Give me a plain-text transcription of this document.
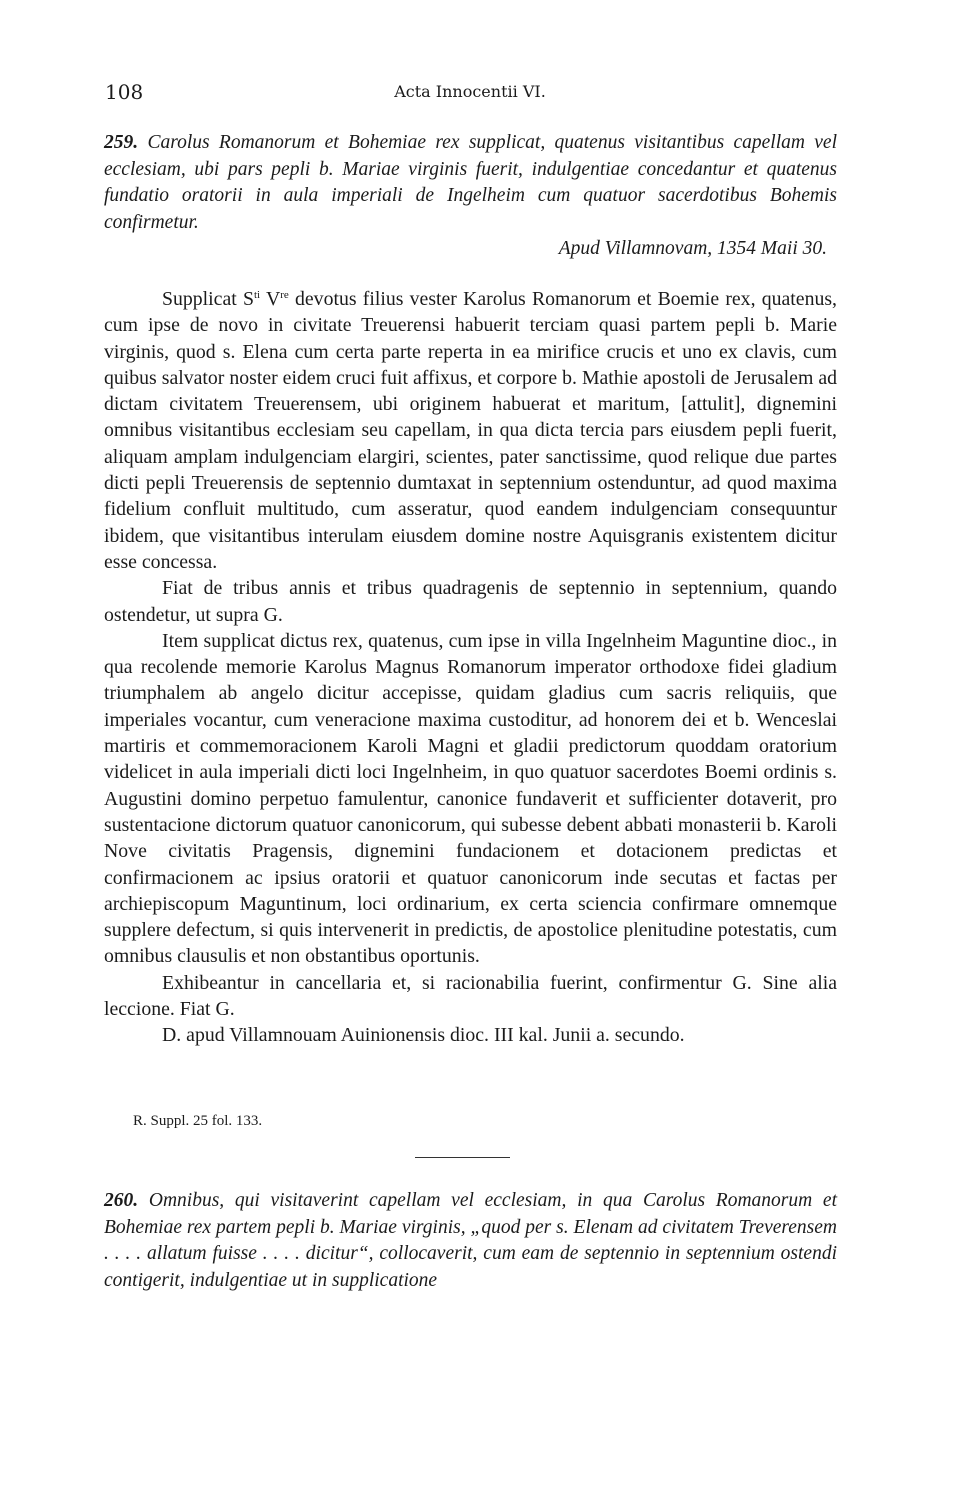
108	Acta Innocentii VI.
259. Carolus Romanorum et Bohemiae rex supplicat, quatenus visitantibus capellam vel ecclesiam, ubi pars pepli b. Mariae virginis fuerit, indulgentiae concedantur et quatenus fundatio oratorii in aula imperiali de Ingelheim cum quatuor sacerdotibus Bohemis confirmetur.
Apud Villamnovam, 1354 Maii 30.

Supplicat $S^{ti}$ Vre devotus filius vester Karolus Romanorum et Boemie rex, quatenus, cum ipse de novo in civitate Treuerensi habuerit terciam quasi partem pepli b. Marie virginis, quod s. Elena cum certa parte reperta in ea mirifice crucis et uno ex clavis, cum quibus salvator noster eidem cruci fuit affixus, et corpore b. Mathie apostoli de Jerusalem ad dictam civitatem Treuerensem, ubi originem habuerat et maritum, [attulit], dignemini omnibus visitantibus ecclesiam seu capellam, in qua dicta tercia pars eiusdem pepli fuerit, aliquam amplam indulgenciam elargiri, scientes, pater sanctissime, quod relique due partes dicti pepli Treuerensis de septennio dumtaxat in septennium ostenduntur, ad quod maxima fidelium confluit multitudo, cum asseratur, quod eandem indulgenciam consequuntur ibidem, que visitantibus interulam eiusdem domine nostre Aquisgranis existentem dicitur esse concessa.

Fiat de tribus annis et tribus quadragenis de septennio in septennium, quando ostendetur, ut supra G.

Item supplicat dictus rex, quatenus, cum ipse in villa Ingelnheim Maguntine dioc., in qua recolende memorie Karolus Magnus Romanorum imperator orthodoxe fidei gladium triumphalem ab angelo dicitur accepisse, quidam gladius cum sacris reliquiis, que imperiales vocantur, cum veneracione maxima custoditur, ad honorem dei et b. Wenceslai martiris et commemoracionem Karoli Magni et gladii predictorum quoddam oratorium videlicet in aula imperiali dicti loci Ingelnheim, in quo quatuor sacerdotes Boemi ordinis s. Augustini domino perpetuo famulentur, canonice fundaverit et sufficienter dotaverit, pro sustentacione dictorum quatuor canonicorum, qui subesse debent abbati monasterii b. Karoli Nove civitatis Pragensis, dignemini fundacionem et dotacionem predictas et confirmacionem ac ipsius oratorii et quatuor canonicorum inde secutas et factas per archiepiscopum Maguntinum, loci ordinarium, ex certa sciencia confirmare omnemque supplere defectum, si quis intervenerit in predictis, de apostolice plenitudine potestatis, cum omnibus clausulis et non obstantibus oportunis.

Exhibeantur in cancellaria et, si racionabilia fuerint, confirmentur G. Sine alia leccione. Fiat G.

D. apud Villamnouam Auinionensis dioc. III kal. Junii a. secundo.

R. Suppl. 25 fol. 133.
260. Omnibus, qui visitaverint capellam vel ecclesiam, in qua Carolus Romanorum et Bohemiae rex partem pepli b. Mariae virginis, „quod per s. Elenam ad civitatem Treverensem . . . . allatum fuisse . . . . dicitur“, collocaverit, cum eam de septennio in septennium ostendi contigerit, indulgentiae ut in supplicatione
